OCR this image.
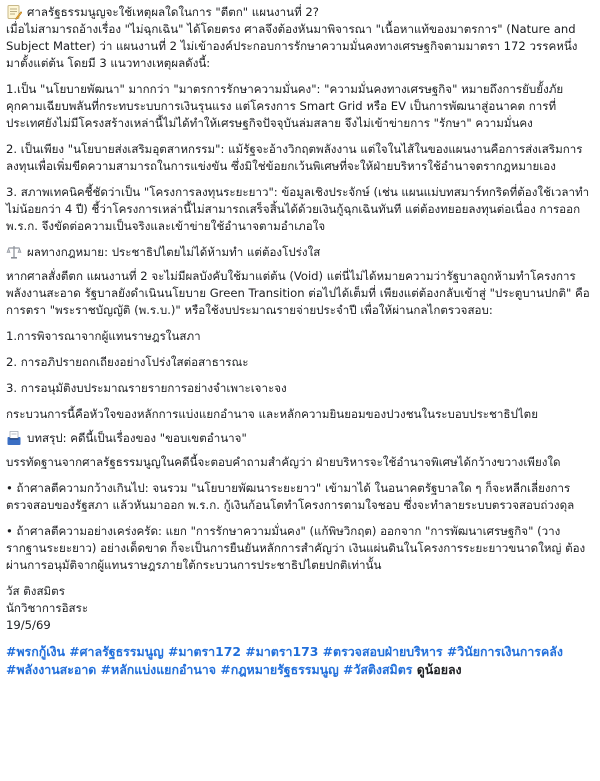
ศาลรัฐธรรมนูญจะใช้เหตุผลใดในการ "ตีตก" แผนงานที่ 2?

เมื่อไม่สามารถอ้างเรื่อง "ไม่ฉุกเฉิน" ได้โดยตรง ศาลจึงต้องหันมาพิจารณา "เนื้อหาแท้ของมาตรการ" (Nature and Subject Matter) ว่า แผนงานที่ 2 ไม่เข้าองค์ประกอบการรักษาความมั่นคงทางเศรษฐกิจตามมาตรา 172 วรรคหนึ่ง มาตั้งแต่ต้น โดยมี 3 แนวทางเหตุผลดังนี้:

1.เป็น "นโยบายพัฒนา" มากกว่า "มาตรการรักษาความมั่นคง": "ความมั่นคงทางเศรษฐกิจ" หมายถึงการยับยั้งภัยคุกคามเฉียบพลันที่กระทบระบบการเงินรุนแรง แต่โครงการ Smart Grid หรือ EV เป็นการพัฒนาสู่อนาคต การที่ประเทศยังไม่มีโครงสร้างเหล่านี้ไม่ได้ทำให้เศรษฐกิจปัจจุบันล่มสลาย จึงไม่เข้าข่ายการ "รักษา" ความมั่นคง

2. เป็นเพียง "นโยบายส่งเสริมอุตสาหกรรม": แม้รัฐจะอ้างวิกฤตพลังงาน แต่ใจในไส้ในของแผนงานคือการส่งเสริมการลงทุนเพื่อเพิ่มขีดความสามารถในการแข่งขัน ซึ่งมิใช่ข้อยกเว้นพิเศษที่จะให้ฝ่ายบริหารใช้อำนาจตรากฎหมายเอง

3. สภาพเทคนิคชี้ชัดว่าเป็น "โครงการลงทุนระยะยาว": ข้อมูลเชิงประจักษ์ (เช่น แผนแม่บทสมาร์ทกริดที่ต้องใช้เวลาทำไม่น้อยกว่า 4 ปี) ชี้ว่าโครงการเหล่านี้ไม่สามารถเสร็จสิ้นได้ด้วยเงินกู้ฉุกเฉินทันที แต่ต้องทยอยลงทุนต่อเนื่อง การออก พ.ร.ก. จึงขัดต่อความเป็นจริงและเข้าข่ายใช้อำนาจตามอำเภอใจ

ผลทางกฎหมาย: ประชาธิปไตยไม่ได้ห้ามทำ แต่ต้องโปร่งใส

หากศาลสั่งตีตก แผนงานที่ 2 จะไม่มีผลบังคับใช้มาแต่ต้น (Void) แต่นี่ไม่ได้หมายความว่ารัฐบาลถูกห้ามทำโครงการพลังงานสะอาด รัฐบาลยังดำเนินนโยบาย Green Transition ต่อไปได้เต็มที่ เพียงแต่ต้องกลับเข้าสู่ "ประตูบานปกติ" คือการตรา "พระราชบัญญัติ (พ.ร.บ.)" หรือใช้งบประมาณรายจ่ายประจำปี เพื่อให้ผ่านกลไกตรวจสอบ:

1.การพิจารณาจากผู้แทนราษฎรในสภา

2. การอภิปรายถกเถียงอย่างโปร่งใสต่อสาธารณะ

3. การอนุมัติงบประมาณรายรายการอย่างจำเพาะเจาะจง

กระบวนการนี้คือหัวใจของหลักการแบ่งแยกอำนาจ และหลักความยินยอมของปวงชนในระบอบประชาธิปไตย

บทสรุป: คดีนี้เป็นเรื่องของ "ขอบเขตอำนาจ"

บรรทัดฐานจากศาลรัฐธรรมนูญในคดีนี้จะตอบคำถามสำคัญว่า ฝ่ายบริหารจะใช้อำนาจพิเศษได้กว้างขวางเพียงใด

• ถ้าศาลตีความกว้างเกินไป: จนรวม "นโยบายพัฒนาระยะยาว" เข้ามาได้ ในอนาคตรัฐบาลใด ๆ ก็จะหลีกเลี่ยงการตรวจสอบของรัฐสภา แล้วหันมาออก พ.ร.ก. กู้เงินก้อนโตทำโครงการตามใจชอบ ซึ่งจะทำลายระบบตรวจสอบถ่วงดุล

• ถ้าศาลตีความอย่างเคร่งครัด: แยก "การรักษาความมั่นคง" (แก้พิษวิกฤต) ออกจาก "การพัฒนาเศรษฐกิจ" (วางรากฐานระยะยาว) อย่างเด็ดขาด ก็จะเป็นการยืนยันหลักการสำคัญว่า เงินแผ่นดินในโครงการระยะยาวขนาดใหญ่ ต้องผ่านการอนุมัติจากผู้แทนราษฎรภายใต้กระบวนการประชาธิปไตยปกติเท่านั้น

วัส ติงสมิตร

นักวิชาการอิสระ

19/5/69

#พรกกู้เงิน #ศาลรัฐธรรมนูญ #มาตรา172 #มาตรา173 #ตรวจสอบฝ่ายบริหาร #วินัยการเงินการคลัง
#พลังงานสะอาด #หลักแบ่งแยกอำนาจ #กฎหมายรัฐธรรมนูญ #วัสติงสมิตร ดูน้อยลง
